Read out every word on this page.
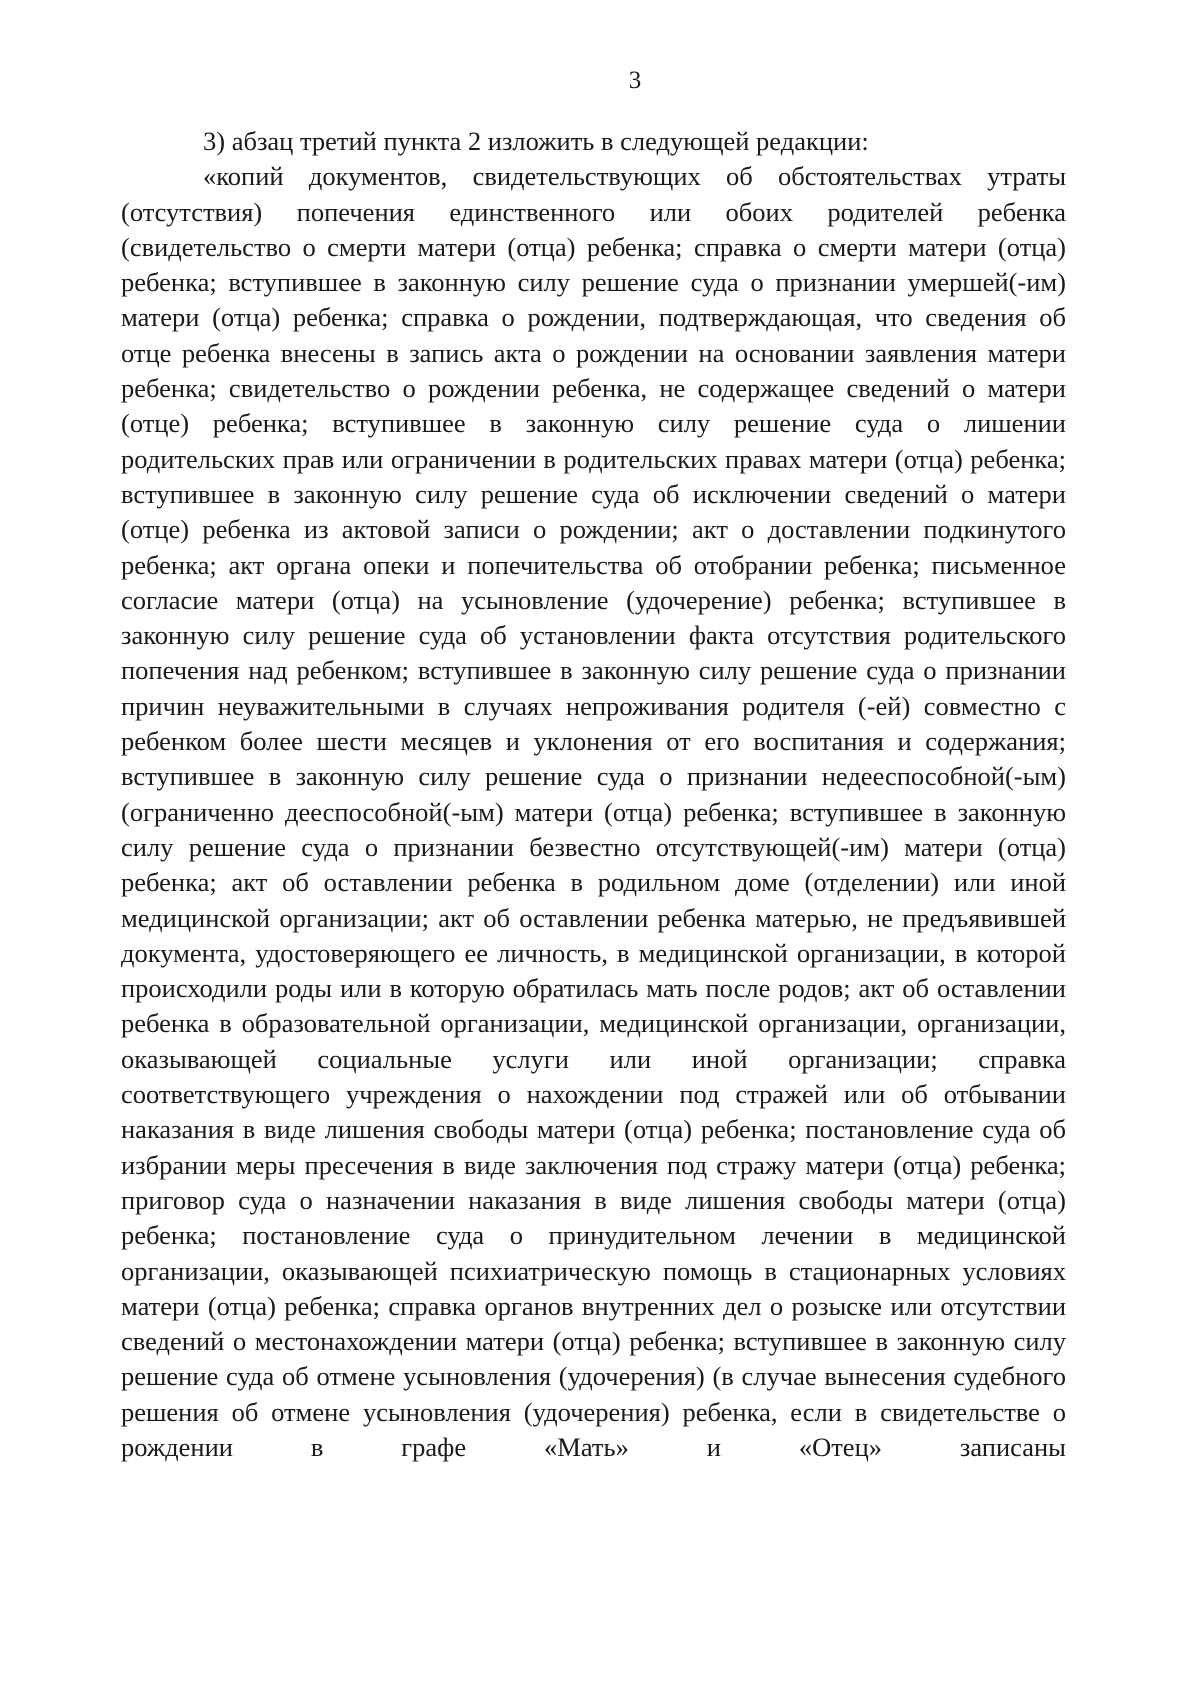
3

3) абзац третий пункта 2 изложить в следующей редакции:

«копий документов, свидетельствующих об обстоятельствах утраты (отсутствия) попечения единственного или обоих родителей ребенка (свидетельство о смерти матери (отца) ребенка; справка о смерти матери (отца) ребенка; вступившее в законную силу решение суда о признании умершей(-им) матери (отца) ребенка; справка о рождении, подтверждающая, что сведения об отце ребенка внесены в запись акта о рождении на основании заявления матери ребенка; свидетельство о рождении ребенка, не содержащее сведений о матери (отце) ребенка; вступившее в законную силу решение суда о лишении родительских прав или ограничении в родительских правах матери (отца) ребенка; вступившее в законную силу решение суда об исключении сведений о матери (отце) ребенка из актовой записи о рождении; акт о доставлении подкинутого ребенка; акт органа опеки и попечительства об отобрании ребенка; письменное согласие матери (отца) на усыновление (удочерение) ребенка; вступившее в законную силу решение суда об установлении факта отсутствия родительского попечения над ребенком; вступившее в законную силу решение суда о признании причин неуважительными в случаях непроживания родителя (-ей) совместно с ребенком более шести месяцев и уклонения от его воспитания и содержания; вступившее в законную силу решение суда о признании недееспособной(-ым) (ограниченно дееспособной(-ым) матери (отца) ребенка; вступившее в законную силу решение суда о признании безвестно отсутствующей(-им) матери (отца) ребенка; акт об оставлении ребенка в родильном доме (отделении) или иной медицинской организации; акт об оставлении ребенка матерью, не предъявившей документа, удостоверяющего ее личность, в медицинской организации, в которой происходили роды или в которую обратилась мать после родов; акт об оставлении ребенка в образовательной организации, медицинской организации, организации, оказывающей социальные услуги или иной организации; справка соответствующего учреждения о нахождении под стражей или об отбывании наказания в виде лишения свободы матери (отца) ребенка; постановление суда об избрании меры пресечения в виде заключения под стражу матери (отца) ребенка; приговор суда о назначении наказания в виде лишения свободы матери (отца) ребенка; постановление суда о принудительном лечении в медицинской организации, оказывающей психиатрическую помощь в стационарных условиях матери (отца) ребенка; справка органов внутренних дел о розыске или отсутствии сведений о местонахождении матери (отца) ребенка; вступившее в законную силу решение суда об отмене усыновления (удочерения) (в случае вынесения судебного решения об отмене усыновления (удочерения) ребенка, если в свидетельстве о рождении в графе «Мать» и «Отец» записаны
